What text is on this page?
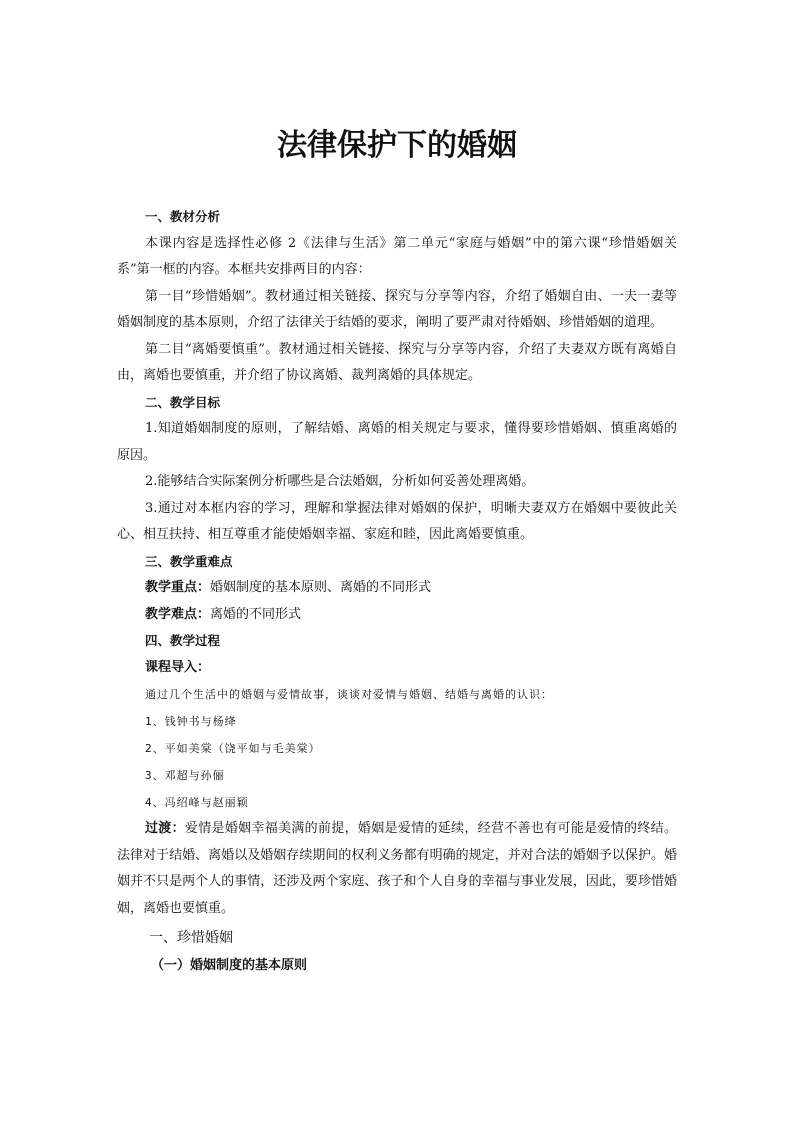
法律保护下的婚姻

一、教材分析

本课内容是选择性必修 2《法律与生活》第二单元“家庭与婚姻”中的第六课“珍惜婚姻关系”第一框的内容。本框共安排两目的内容：

第一目“珍惜婚姻”。教材通过相关链接、探究与分享等内容，介绍了婚姻自由、一夫一妻等婚姻制度的基本原则，介绍了法律关于结婚的要求，阐明了要严肃对待婚姻、珍惜婚姻的道理。

第二目“离婚要慎重”。教材通过相关链接、探究与分享等内容，介绍了夫妻双方既有离婚自由，离婚也要慎重，并介绍了协议离婚、裁判离婚的具体规定。

二、教学目标

1.知道婚姻制度的原则，了解结婚、离婚的相关规定与要求，懂得要珍惜婚姻、慎重离婚的原因。

2.能够结合实际案例分析哪些是合法婚姻，分析如何妥善处理离婚。

3.通过对本框内容的学习，理解和掌握法律对婚姻的保护，明晰夫妻双方在婚姻中要彼此关心、相互扶持、相互尊重才能使婚姻幸福、家庭和睦，因此离婚要慎重。

三、教学重难点

教学重点：婚姻制度的基本原则、离婚的不同形式

教学难点：离婚的不同形式

四、教学过程

课程导入：

通过几个生活中的婚姻与爱情故事，谈谈对爱情与婚姻、结婚与离婚的认识：

1、钱钟书与杨绛

2、平如美棠（饶平如与毛美棠）

3、邓超与孙俪

4、冯绍峰与赵丽颖

过渡：爱情是婚姻幸福美满的前提，婚姻是爱情的延续，经营不善也有可能是爱情的终结。法律对于结婚、离婚以及婚姻存续期间的权利义务都有明确的规定，并对合法的婚姻予以保护。婚姻并不只是两个人的事情，还涉及两个家庭、孩子和个人自身的幸福与事业发展，因此，要珍惜婚姻，离婚也要慎重。

一、珍惜婚姻

（一）婚姻制度的基本原则
